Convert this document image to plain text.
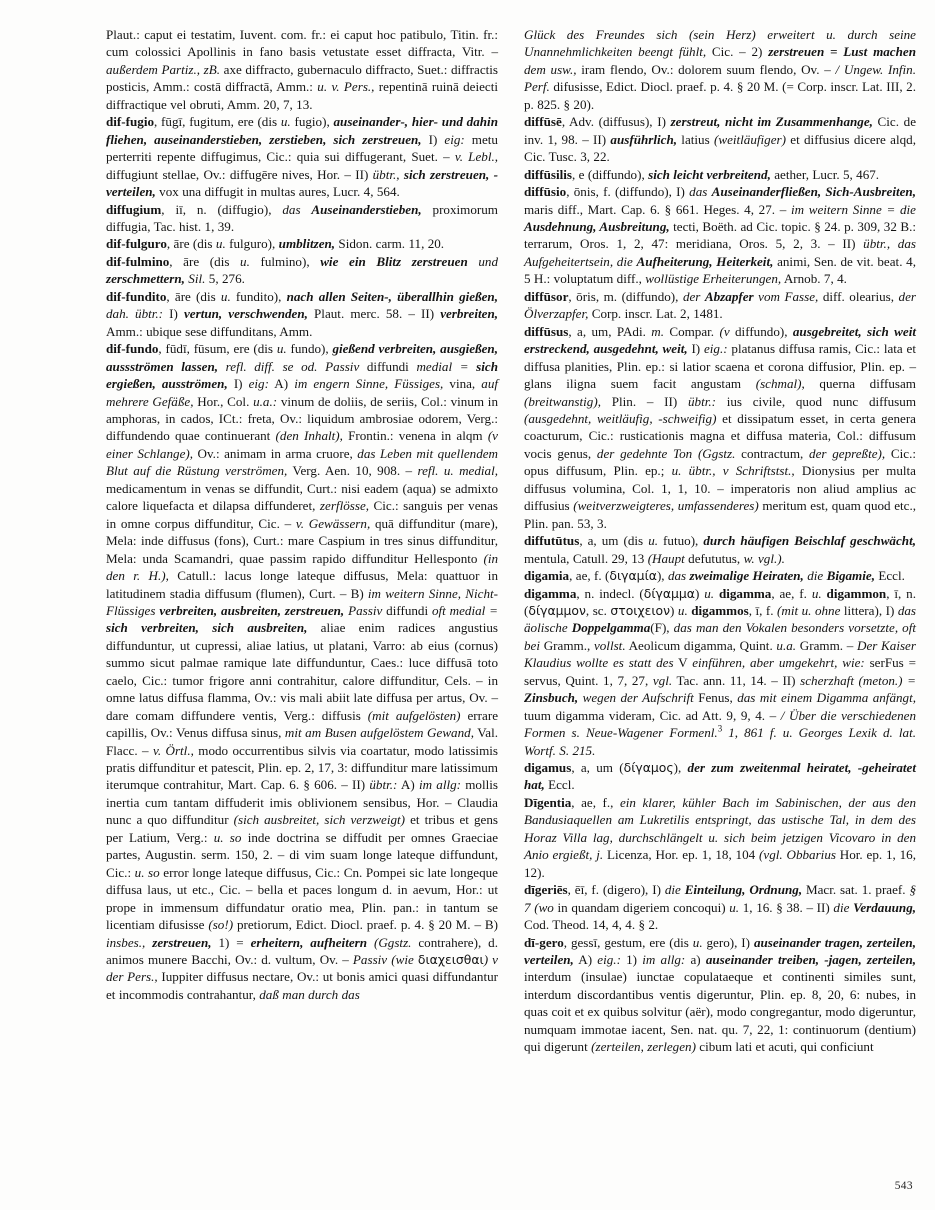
Plaut.: caput ei testatim, Iuvent. com. fr.: ei caput hoc patibulo, Titin. fr.: cum colossici Apollinis in fano basis vetustate esset diffracta, Vitr. – außerdem Partiz., zB. axe diffracto, gubernaculo diffracto, Suet.: diffractis posticis, Amm.: costā diffractā, Amm.: u. v. Pers., repentinā ruinā deiecti diffractique vel obruti, Amm. 20, 7, 13.

dif-fugio, fūgī, fugitum, ere (dis u. fugio), auseinander-, hier- und dahin fliehen, auseinanderstieben, zerstieben, sich zerstreuen, I) eig: metu perterriti repente diffugimus, Cic.: quia sui diffugerant, Suet. – v. Lebl., diffugiunt stellae, Ov.: diffugēre nives, Hor. – II) übtr., sich zerstreuen, -verteilen, vox una diffugit in multas aures, Lucr. 4, 564.

diffugium, iī, n. (diffugio), das Auseinanderstieben, proximorum diffugia, Tac. hist. 1, 39.

dif-fulguro, āre (dis u. fulguro), umblitzen, Sidon. carm. 11, 20.

dif-fulmino, āre (dis u. fulmino), wie ein Blitz zerstreuen und zerschmettern, Sil. 5, 276.

dif-fundito, āre (dis u. fundito), nach allen Seiten-, überallhin gießen, dah. übtr.: I) vertun, verschwenden, Plaut. merc. 58. – II) verbreiten, Amm.: ubique sese diffunditans, Amm.

dif-fundo, fūdī, fūsum, ere (dis u. fundo), gießend verbreiten, ausgießen, aussströmen lassen, refl. diff. se od. Passiv diffundi medial = sich ergießen, ausströmen, I) eig: A) im engern Sinne, Füssiges, vina, auf mehrere Gefäße, Hor., Col. u.a.: vinum de doliis, de seriis, Col.: vinum in amphoras, in cados, ICt.: freta, Ov.: liquidum ambrosiae odorem, Verg.: diffundendo quae continuerant (den Inhalt), Frontin.: venena in alqm (v einer Schlange), Ov.: animam in arma cruore, das Leben mit quellendem Blut auf die Rüstung verströmen, Verg. Aen. 10, 908. – refl. u. medial, medicamentum in venas se diffundit, Curt.: nisi eadem (aqua) se admixto calore liquefacta et dilapsa diffunderet, zerflösse, Cic.: sanguis per venas in omne corpus diffunditur, Cic. – v. Gewässern, quā diffunditur (mare), Mela: inde diffusus (fons), Curt.: mare Caspium in tres sinus diffunditur, Mela: unda Scamandri, quae passim rapido diffunditur Hellesponto (in den r. H.), Catull.: lacus longe lateque diffusus, Mela: quattuor in latitudinem stadia diffusum (flumen), Curt. – B) im weitern Sinne, Nicht-Flüssiges verbreiten, ausbreiten, zerstreuen, Passiv diffundi oft medial = sich verbreiten, sich ausbreiten, aliae enim radices angustius diffunduntur, ut cupressi, aliae latius, ut platani, Varro: ab eius (cornus) summo sicut palmae ramique late diffunduntur, Caes.: luce diffusā toto caelo, Cic.: tumor frigore anni contrahitur, calore diffunditur, Cels. – in omne latus diffusa flamma, Ov.: vis mali abiit late diffusa per artus, Ov. – dare comam diffundere ventis, Verg.: diffusis (mit aufgelösten) errare capillis, Ov.: Venus diffusa sinus, mit am Busen aufgelöstem Gewand, Val. Flacc. – v. Örtl., modo occurrentibus silvis via coartatur, modo latissimis pratis diffunditur et patescit, Plin. ep. 2, 17, 3: diffunditur mare latissimum iterumque contrahitur, Mart. Cap. 6. § 606. – II) übtr.: A) im allg: mollis inertia cum tantam diffuderit imis oblivionem sensibus, Hor. – Claudia nunc a quo diffunditur (sich ausbreitet, sich verzweigt) et tribus et gens per Latium, Verg.: u. so inde doctrina se diffudit per omnes Graeciae partes, Augustin. serm. 150, 2. – di vim suam longe lateque diffundunt, Cic.: u. so error longe lateque diffusus, Cic.: Cn. Pompei sic late longeque diffusa laus, ut etc., Cic. – bella et paces longum d. in aevum, Hor.: ut prope in immensum diffundatur oratio mea, Plin. pan.: in tantum se licentiam difusisse (so!) pretiorum, Edict. Diocl. praef. p. 4. § 20 M. – B) insbes., zerstreuen, 1) = erheitern, aufheitern (Ggstz. contrahere), d. animos munere Bacchi, Ov.: d. vultum, Ov. – Passiv (wie διαχεισθαι) v der Pers., Iuppiter diffusus nectare, Ov.: ut bonis amici quasi diffundantur et incommodis contrahantur, daß man durch das

Glück des Freundes sich (sein Herz) erweitert u. durch seine Unannehmlichkeiten beengt fühlt, Cic. – 2) zerstreuen = Lust machen dem usw., iram flendo, Ov.: dolorem suum flendo, Ov. – / Ungew. Infin. Perf. difusisse, Edict. Diocl. praef. p. 4. § 20 M. (= Corp. inscr. Lat. III, 2. p. 825. § 20).

diffūsē, Adv. (diffusus), I) zerstreut, nicht im Zusammenhange, Cic. de inv. 1, 98. – II) ausführlich, latius (weitläufiger) et diffusius dicere alqd, Cic. Tusc. 3, 22.

diffūsilis, e (diffundo), sich leicht verbreitend, aether, Lucr. 5, 467.

diffūsio, ōnis, f. (diffundo), I) das Auseinanderfließen, Sich-Ausbreiten, maris diff., Mart. Cap. 6. § 661. Heges. 4, 27. – im weitern Sinne = die Ausdehnung, Ausbreitung, tecti, Boëth. ad Cic. topic. § 24. p. 309, 32 B.: terrarum, Oros. 1, 2, 47: meridiana, Oros. 5, 2, 3. – II) übtr., das Aufgeheitertsein, die Aufheiterung, Heiterkeit, animi, Sen. de vit. beat. 4, 5 H.: voluptatum diff., wollüstige Erheiterungen, Arnob. 7, 4.

diffūsor, ōris, m. (diffundo), der Abzapfer vom Fasse, diff. olearius, der Ölverzapfer, Corp. inscr. Lat. 2, 1481.

diffūsus, a, um, PAdi. m. Compar. (v diffundo), ausgebreitet, sich weit erstreckend, ausgedehnt, weit, I) eig.: platanus diffusa ramis, Cic.: lata et diffusa planities, Plin. ep.: si latior scaena et corona diffusior, Plin. ep. – glans iligna suem facit angustam (schmal), querna diffusam (breitwanstig), Plin. – II) übtr.: ius civile, quod nunc diffusum (ausgedehnt, weitläufig, -schweifig) et dissipatum esset, in certa genera coacturum, Cic.: rusticationis magna et diffusa materia, Col.: diffusum vocis genus, der gedehnte Ton (Ggstz. contractum, der gepreßte), Cic.: opus diffusum, Plin. ep.; u. übtr., v Schriftstst., Dionysius per multa diffusus volumina, Col. 1, 1, 10. – imperatoris non aliud amplius ac diffusius (weitverzweigteres, umfassenderes) meritum est, quam quod etc., Plin. pan. 53, 3.

diffutūtus, a, um (dis u. futuo), durch häufigen Beischlaf geschwächt, mentula, Catull. 29, 13 (Haupt defututus, w. vgl.).

digamia, ae, f. (διγαμία), das zweimalige Heiraten, die Bigamie, Eccl.

digamma, n. indecl. (δίγαμμα) u. digamma, ae, f. u. digammon, ī, n. (δίγαμμον, sc. στοιχειον) u. digammos, ī, f. (mit u. ohne littera), I) das äolische Doppelgamma(F), das man den Vokalen besonders vorsetzte, oft bei Gramm., vollst. Aeolicum digamma, Quint. u.a. Gramm. – Der Kaiser Klaudius wollte es statt des V einführen, aber umgekehrt, wie: serFus = servus, Quint. 1, 7, 27, vgl. Tac. ann. 11, 14. – II) scherzhaft (meton.) = Zinsbuch, wegen der Aufschrift Fenus, das mit einem Digamma anfängt, tuum digamma videram, Cic. ad Att. 9, 9, 4. – / Über die verschiedenen Formen s. Neue-Wagener Formenl.$^3$ 1, 861 f. u. Georges Lexik d. lat. Wortf. S. 215.

digamus, a, um (δίγαμος), der zum zweitenmal heiratet, -geheiratet hat, Eccl.

Dīgentia, ae, f., ein klarer, kühler Bach im Sabinischen, der aus den Bandusiaquellen am Lukretilis entspringt, das ustische Tal, in dem des Horaz Villa lag, durchschlängelt u. sich beim jetzigen Vicovaro in den Anio ergießt, j. Licenza, Hor. ep. 1, 18, 104 (vgl. Obbarius Hor. ep. 1, 16, 12).

dīgeriēs, ēī, f. (digero), I) die Einteilung, Ordnung, Macr. sat. 1. praef. § 7 (wo in quandam digeriem concoqui) u. 1, 16. § 38. – II) die Verdauung, Cod. Theod. 14, 4, 4. § 2.

dī-gero, gessī, gestum, ere (dis u. gero), I) auseinander tragen, zerteilen, verteilen, A) eig.: 1) im allg: a) auseinander treiben, -jagen, zerteilen, interdum (insulae) iunctae copulataeque et continenti similes sunt, interdum discordantibus ventis digeruntur, Plin. ep. 8, 20, 6: nubes, in quas coit et ex quibus solvitur (aër), modo congregantur, modo digeruntur, numquam immotae iacent, Sen. nat. qu. 7, 22, 1: continuorum (dentium) qui digerunt (zerteilen, zerlegen) cibum lati et acuti, qui conficiunt

543
